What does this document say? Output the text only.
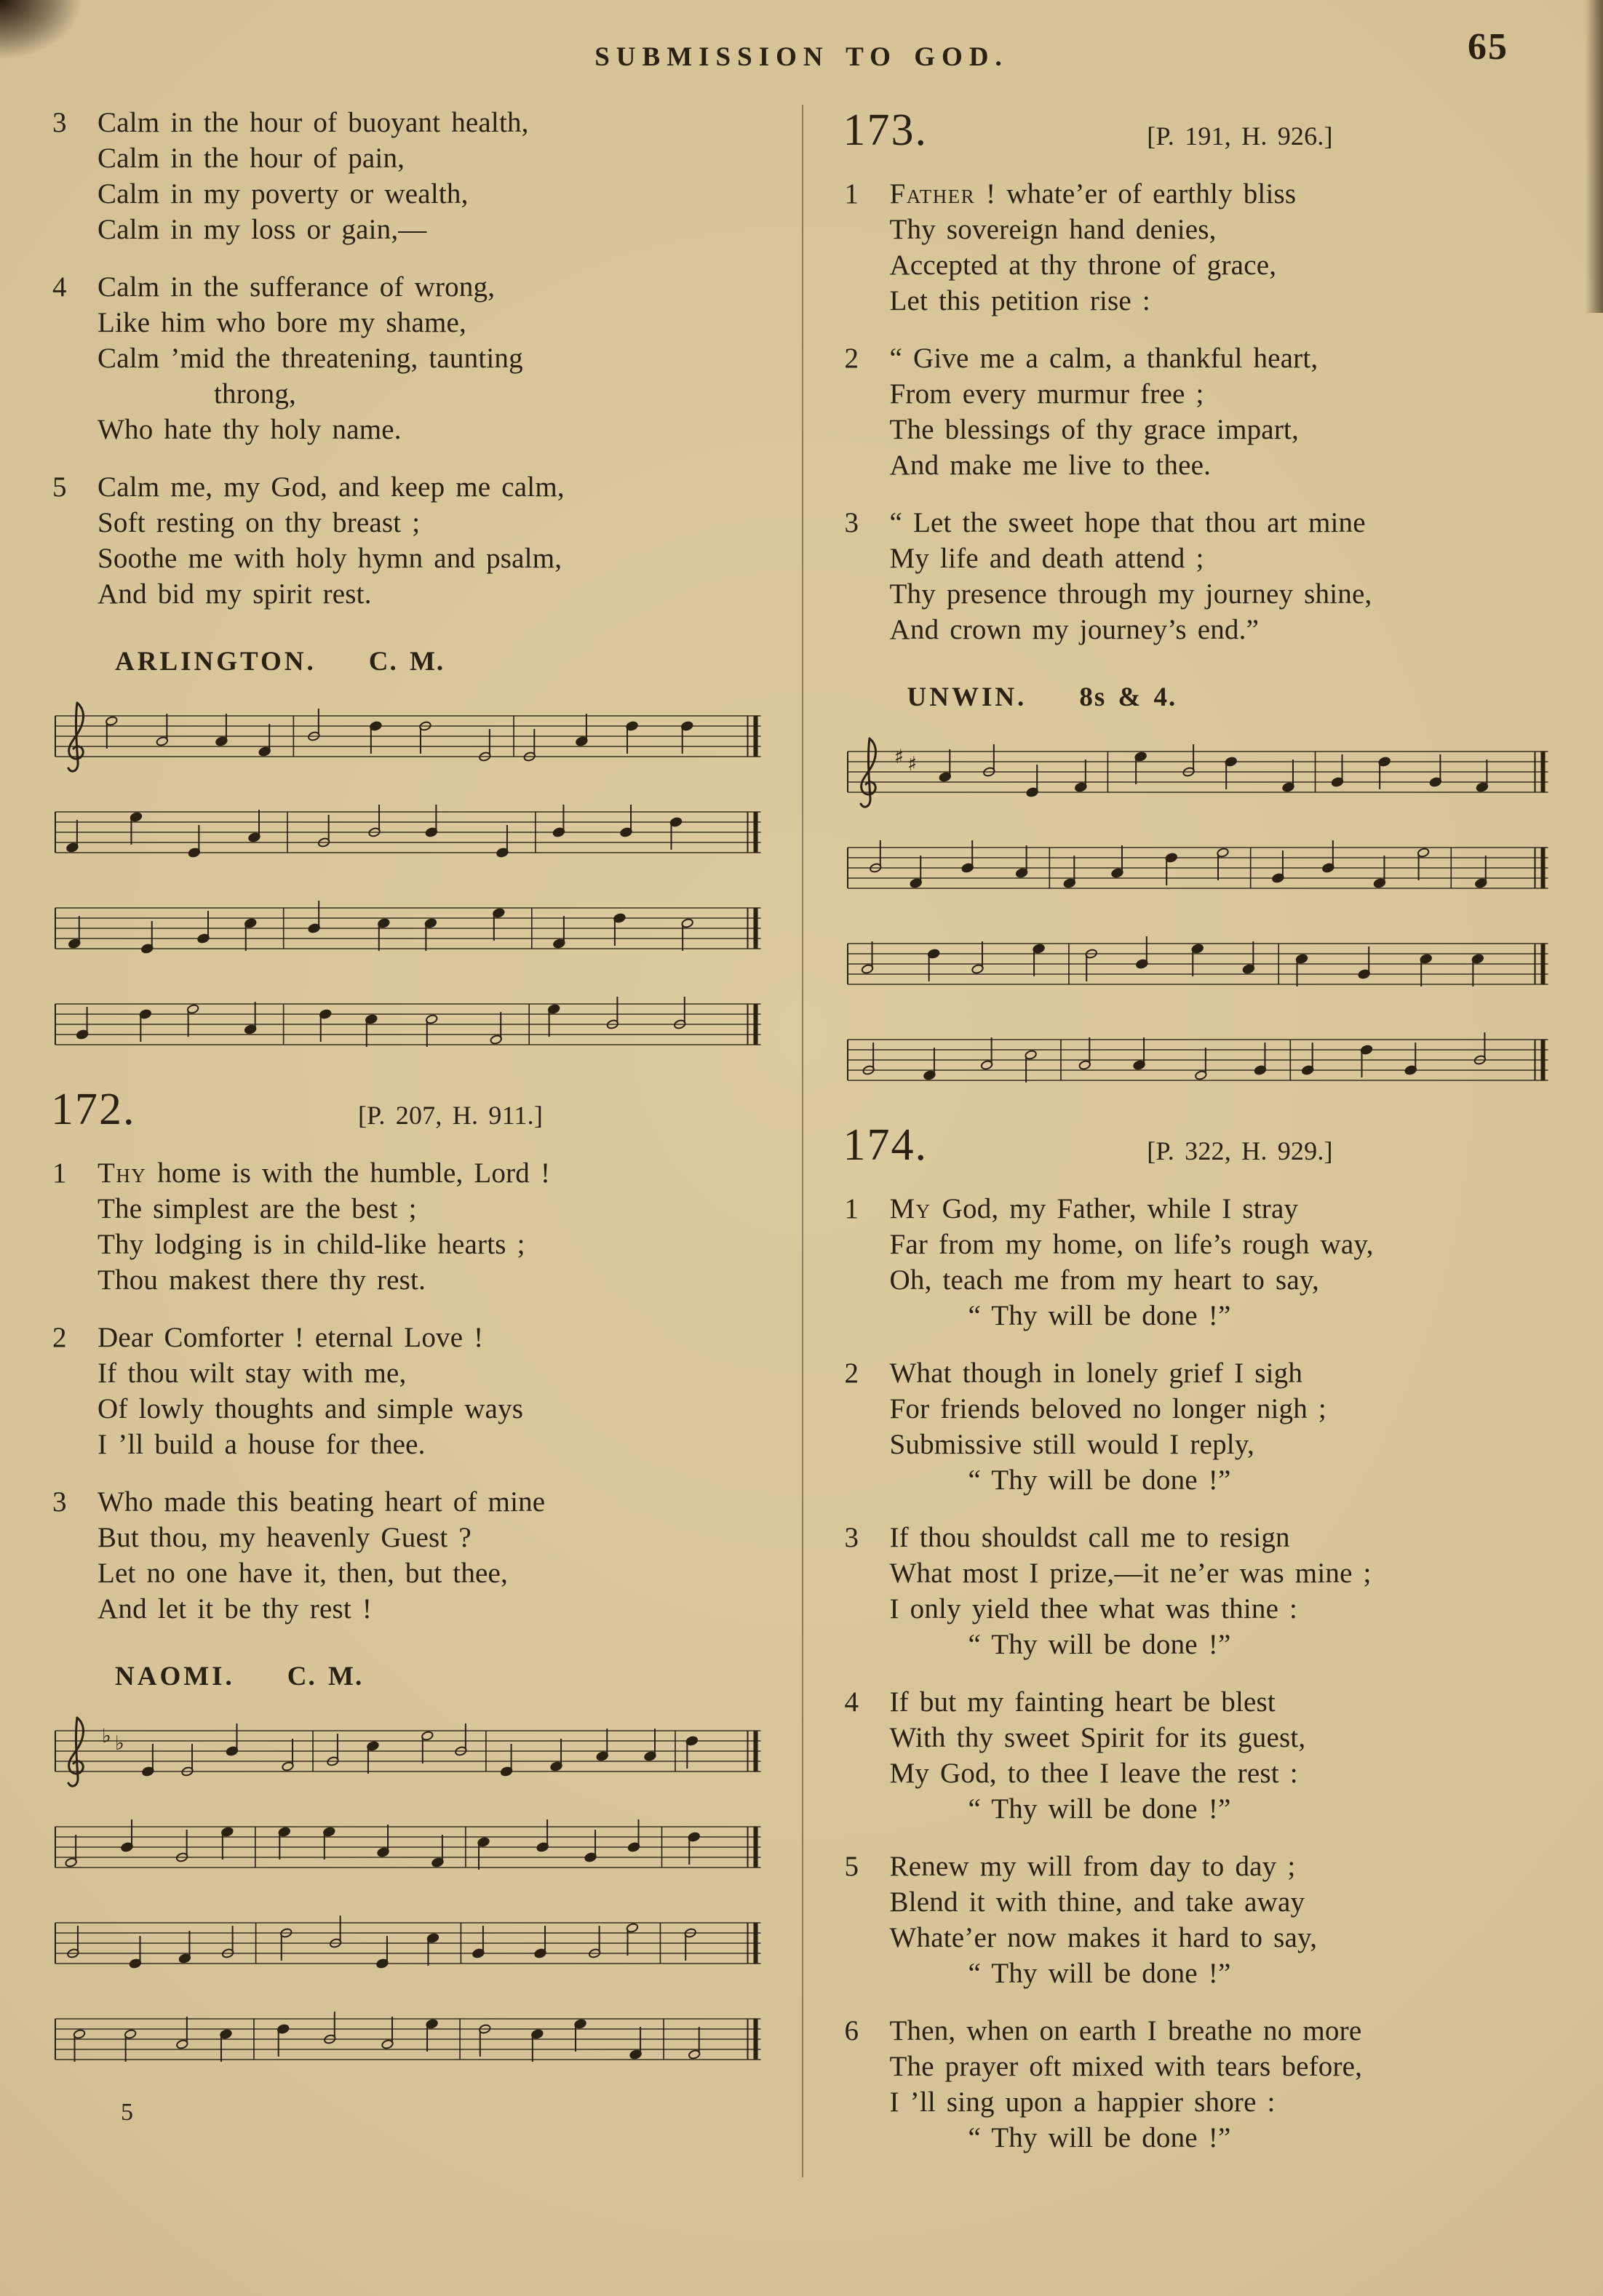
SUBMISSION TO GOD.	65
3 Calm in the hour of buoyant health,
Calm in the hour of pain,
Calm in my poverty or wealth,
Calm in my loss or gain,—
4 Calm in the sufferance of wrong,
Like him who bore my shame,
Calm ’mid the threatening, taunting
throng,
Who hate thy holy name.
5 Calm me, my God, and keep me calm,
Soft resting on thy breast ;
Soothe me with holy hymn and psalm,
And bid my spirit rest.
ARLINGTON. C. M.
172.	[P. 207, H. 911.]
1 Thy home is with the humble, Lord !
The simplest are the best ;
Thy lodging is in child-like hearts ;
Thou makest there thy rest.
2 Dear Comforter ! eternal Love !
If thou wilt stay with me,
Of lowly thoughts and simple ways
I ’ll build a house for thee.
3 Who made this beating heart of mine
But thou, my heavenly Guest ?
Let no one have it, then, but thee,
And let it be thy rest !
NAOMI. C. M.
♭ ♭
5
173.	[P. 191, H. 926.]
1 Father ! whate’er of earthly bliss
Thy sovereign hand denies,
Accepted at thy throne of grace,
Let this petition rise :
2 “ Give me a calm, a thankful heart,
From every murmur free ;
The blessings of thy grace impart,
And make me live to thee.
3 “ Let the sweet hope that thou art mine
My life and death attend ;
Thy presence through my journey shine,
And crown my journey’s end.”
UNWIN. 8s & 4.
♯ ♯
174.	[P. 322, H. 929.]
1 My God, my Father, while I stray
Far from my home, on life’s rough way,
Oh, teach me from my heart to say,
“ Thy will be done !”
2 What though in lonely grief I sigh
For friends beloved no longer nigh ;
Submissive still would I reply,
“ Thy will be done !”
3 If thou shouldst call me to resign
What most I prize,—it ne’er was mine ;
I only yield thee what was thine :
“ Thy will be done !”
4 If but my fainting heart be blest
With thy sweet Spirit for its guest,
My God, to thee I leave the rest :
“ Thy will be done !”
5 Renew my will from day to day ;
Blend it with thine, and take away
Whate’er now makes it hard to say,
“ Thy will be done !”
6 Then, when on earth I breathe no more
The prayer oft mixed with tears before,
I ’ll sing upon a happier shore :
“ Thy will be done !”
